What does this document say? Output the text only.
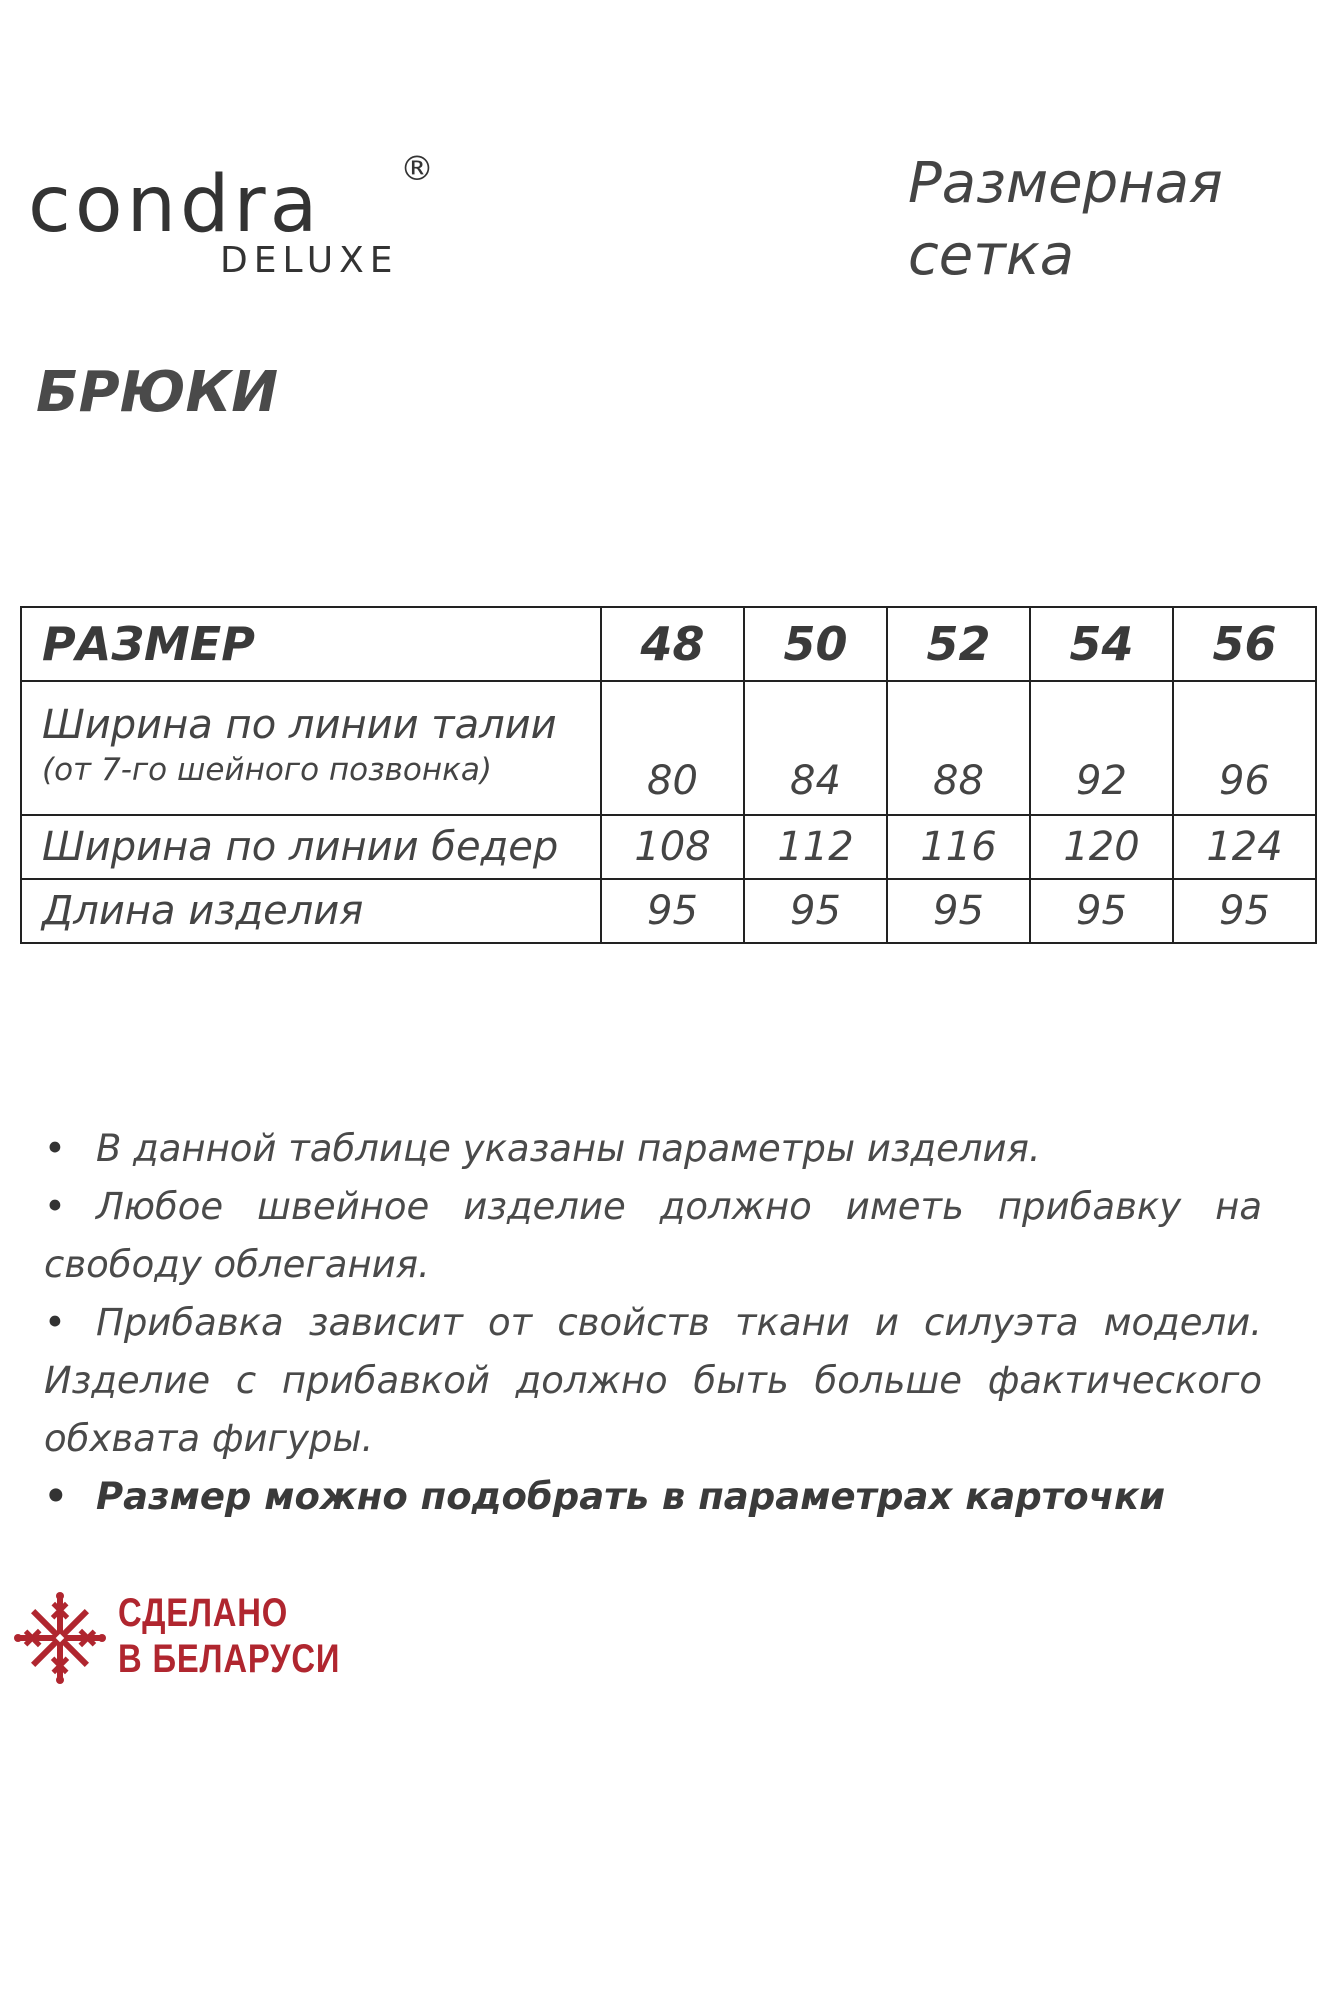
condra ®
DELUXE
Размерная
сетка
БРЮКИ
РАЗМЕР	48	50	52	54	56

Ширина по линии талии
(от 7-го шейного позвонка)	80	84	88	92	96
Ширина по линии бедер	108	112	116	120	124
Длина изделия	95	95	95	95	95

• В данной таблице указаны параметры изделия.

• Любое швейное изделие должно иметь прибавку на свободу облегания.

• Прибавка зависит от свойств ткани и силуэта модели. Изделие с прибавкой должно быть больше фактического обхвата фигуры.

• Размер можно подобрать в параметрах карточки

СДЕЛАНО
В БЕЛАРУСИ
